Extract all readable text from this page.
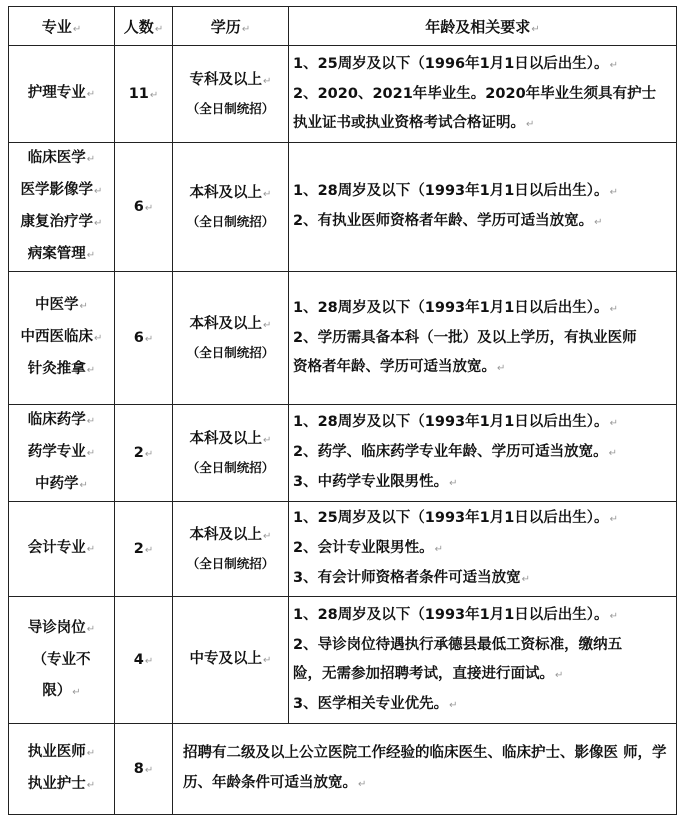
专业↵	人数↵	学历↵	年龄及相关要求↵
护理专业↵	11↵	专科及以上↵
（全日制统招）	1、25周岁及以下（1996年1月1日以后出生）。↵
2、2020、2021年毕业生。2020年毕业生须具有护士
执业证书或执业资格考试合格证明。↵

临床医学↵
医学影像学↵
康复治疗学↵
病案管理↵	6↵	本科及以上↵
（全日制统招）	1、28周岁及以下（1993年1月1日以后出生）。↵
2、有执业医师资格者年龄、学历可适当放宽。↵

中医学↵
中西医临床↵
针灸推拿↵	6↵	本科及以上↵
（全日制统招）	1、28周岁及以下（1993年1月1日以后出生）。↵
2、学历需具备本科（一批）及以上学历，有执业医师
资格者年龄、学历可适当放宽。↵

临床药学↵
药学专业↵
中药学↵	2↵	本科及以上↵
（全日制统招）	1、28周岁及以下（1993年1月1日以后出生）。↵
2、药学、临床药学专业年龄、学历可适当放宽。↵
3、中药学专业限男性。↵

会计专业↵	2↵	本科及以上↵
（全日制统招）	1、25周岁及以下（1993年1月1日以后出生）。↵
2、会计专业限男性。↵
3、有会计师资格者条件可适当放宽↵

导诊岗位↵
（专业不
限）↵	4↵	中专及以上↵	1、28周岁及以下（1993年1月1日以后出生）。↵
2、导诊岗位待遇执行承德县最低工资标准，缴纳五
险，无需参加招聘考试，直接进行面试。↵
3、医学相关专业优先。↵

执业医师↵
执业护士↵	8↵	招聘有二级及以上公立医院工作经验的临床医生、临床护士、影像医 师，学历、年龄条件可适当放宽。↵	
